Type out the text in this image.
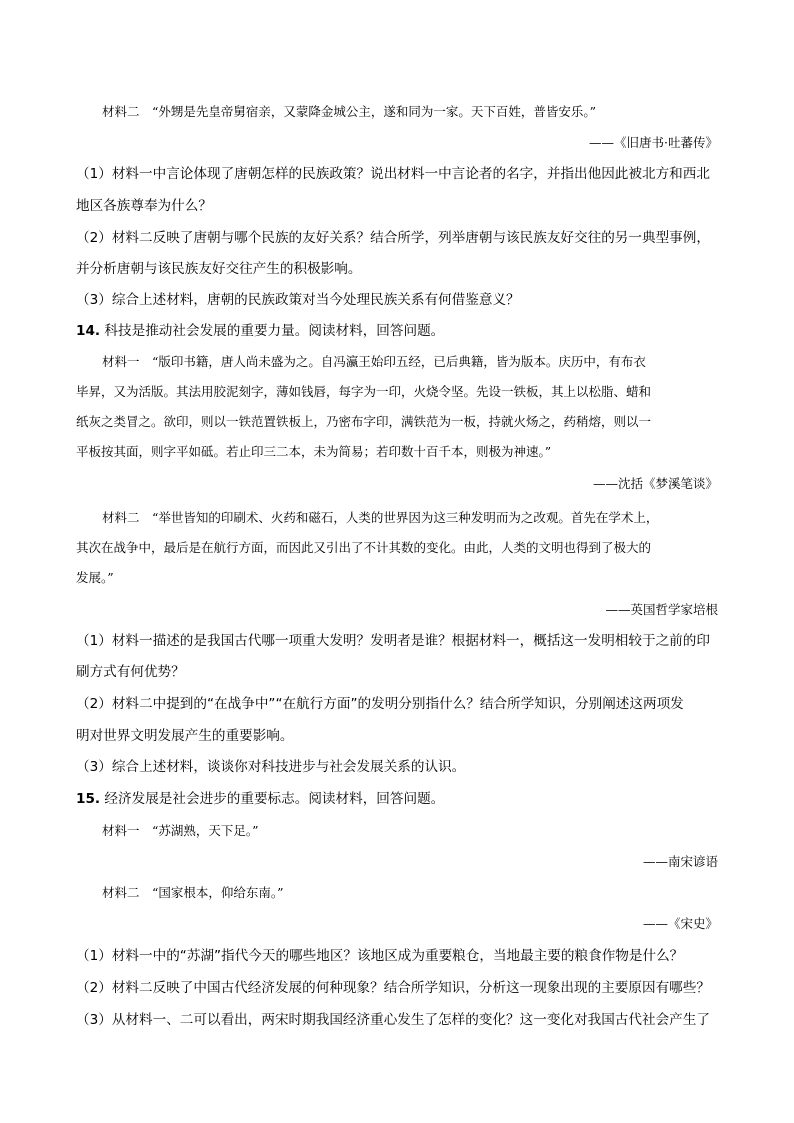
材料二　“外甥是先皇帝舅宿亲，又蒙降金城公主，遂和同为一家。天下百姓，普皆安乐。”
——《旧唐书·吐蕃传》
（1）材料一中言论体现了唐朝怎样的民族政策？说出材料一中言论者的名字，并指出他因此被北方和西北
地区各族尊奉为什么？
（2）材料二反映了唐朝与哪个民族的友好关系？结合所学，列举唐朝与该民族友好交往的另一典型事例，
并分析唐朝与该民族友好交往产生的积极影响。
（3）综合上述材料，唐朝的民族政策对当今处理民族关系有何借鉴意义？
14. 科技是推动社会发展的重要力量。阅读材料，回答问题。
材料一　“版印书籍，唐人尚未盛为之。自冯瀛王始印五经，已后典籍，皆为版本。庆历中，有布衣
毕昇，又为活版。其法用胶泥刻字，薄如钱唇，每字为一印，火烧令坚。先设一铁板，其上以松脂、蜡和
纸灰之类冒之。欲印，则以一铁范置铁板上，乃密布字印，满铁范为一板，持就火炀之，药稍熔，则以一
平板按其面，则字平如砥。若止印三二本，未为简易；若印数十百千本，则极为神速。”
——沈括《梦溪笔谈》
材料二　“举世皆知的印刷术、火药和磁石，人类的世界因为这三种发明而为之改观。首先在学术上，
其次在战争中，最后是在航行方面，而因此又引出了不计其数的变化。由此，人类的文明也得到了极大的
发展。”
——英国哲学家培根
（1）材料一描述的是我国古代哪一项重大发明？发明者是谁？根据材料一，概括这一发明相较于之前的印
刷方式有何优势？
（2）材料二中提到的“在战争中”“在航行方面”的发明分别指什么？结合所学知识，分别阐述这两项发
明对世界文明发展产生的重要影响。
（3）综合上述材料，谈谈你对科技进步与社会发展关系的认识。
15. 经济发展是社会进步的重要标志。阅读材料，回答问题。
材料一　“苏湖熟，天下足。”
——南宋谚语
材料二　“国家根本，仰给东南。”
——《宋史》
（1）材料一中的“苏湖”指代今天的哪些地区？该地区成为重要粮仓，当地最主要的粮食作物是什么？
（2）材料二反映了中国古代经济发展的何种现象？结合所学知识，分析这一现象出现的主要原因有哪些？
（3）从材料一、二可以看出，两宋时期我国经济重心发生了怎样的变化？这一变化对我国古代社会产生了
